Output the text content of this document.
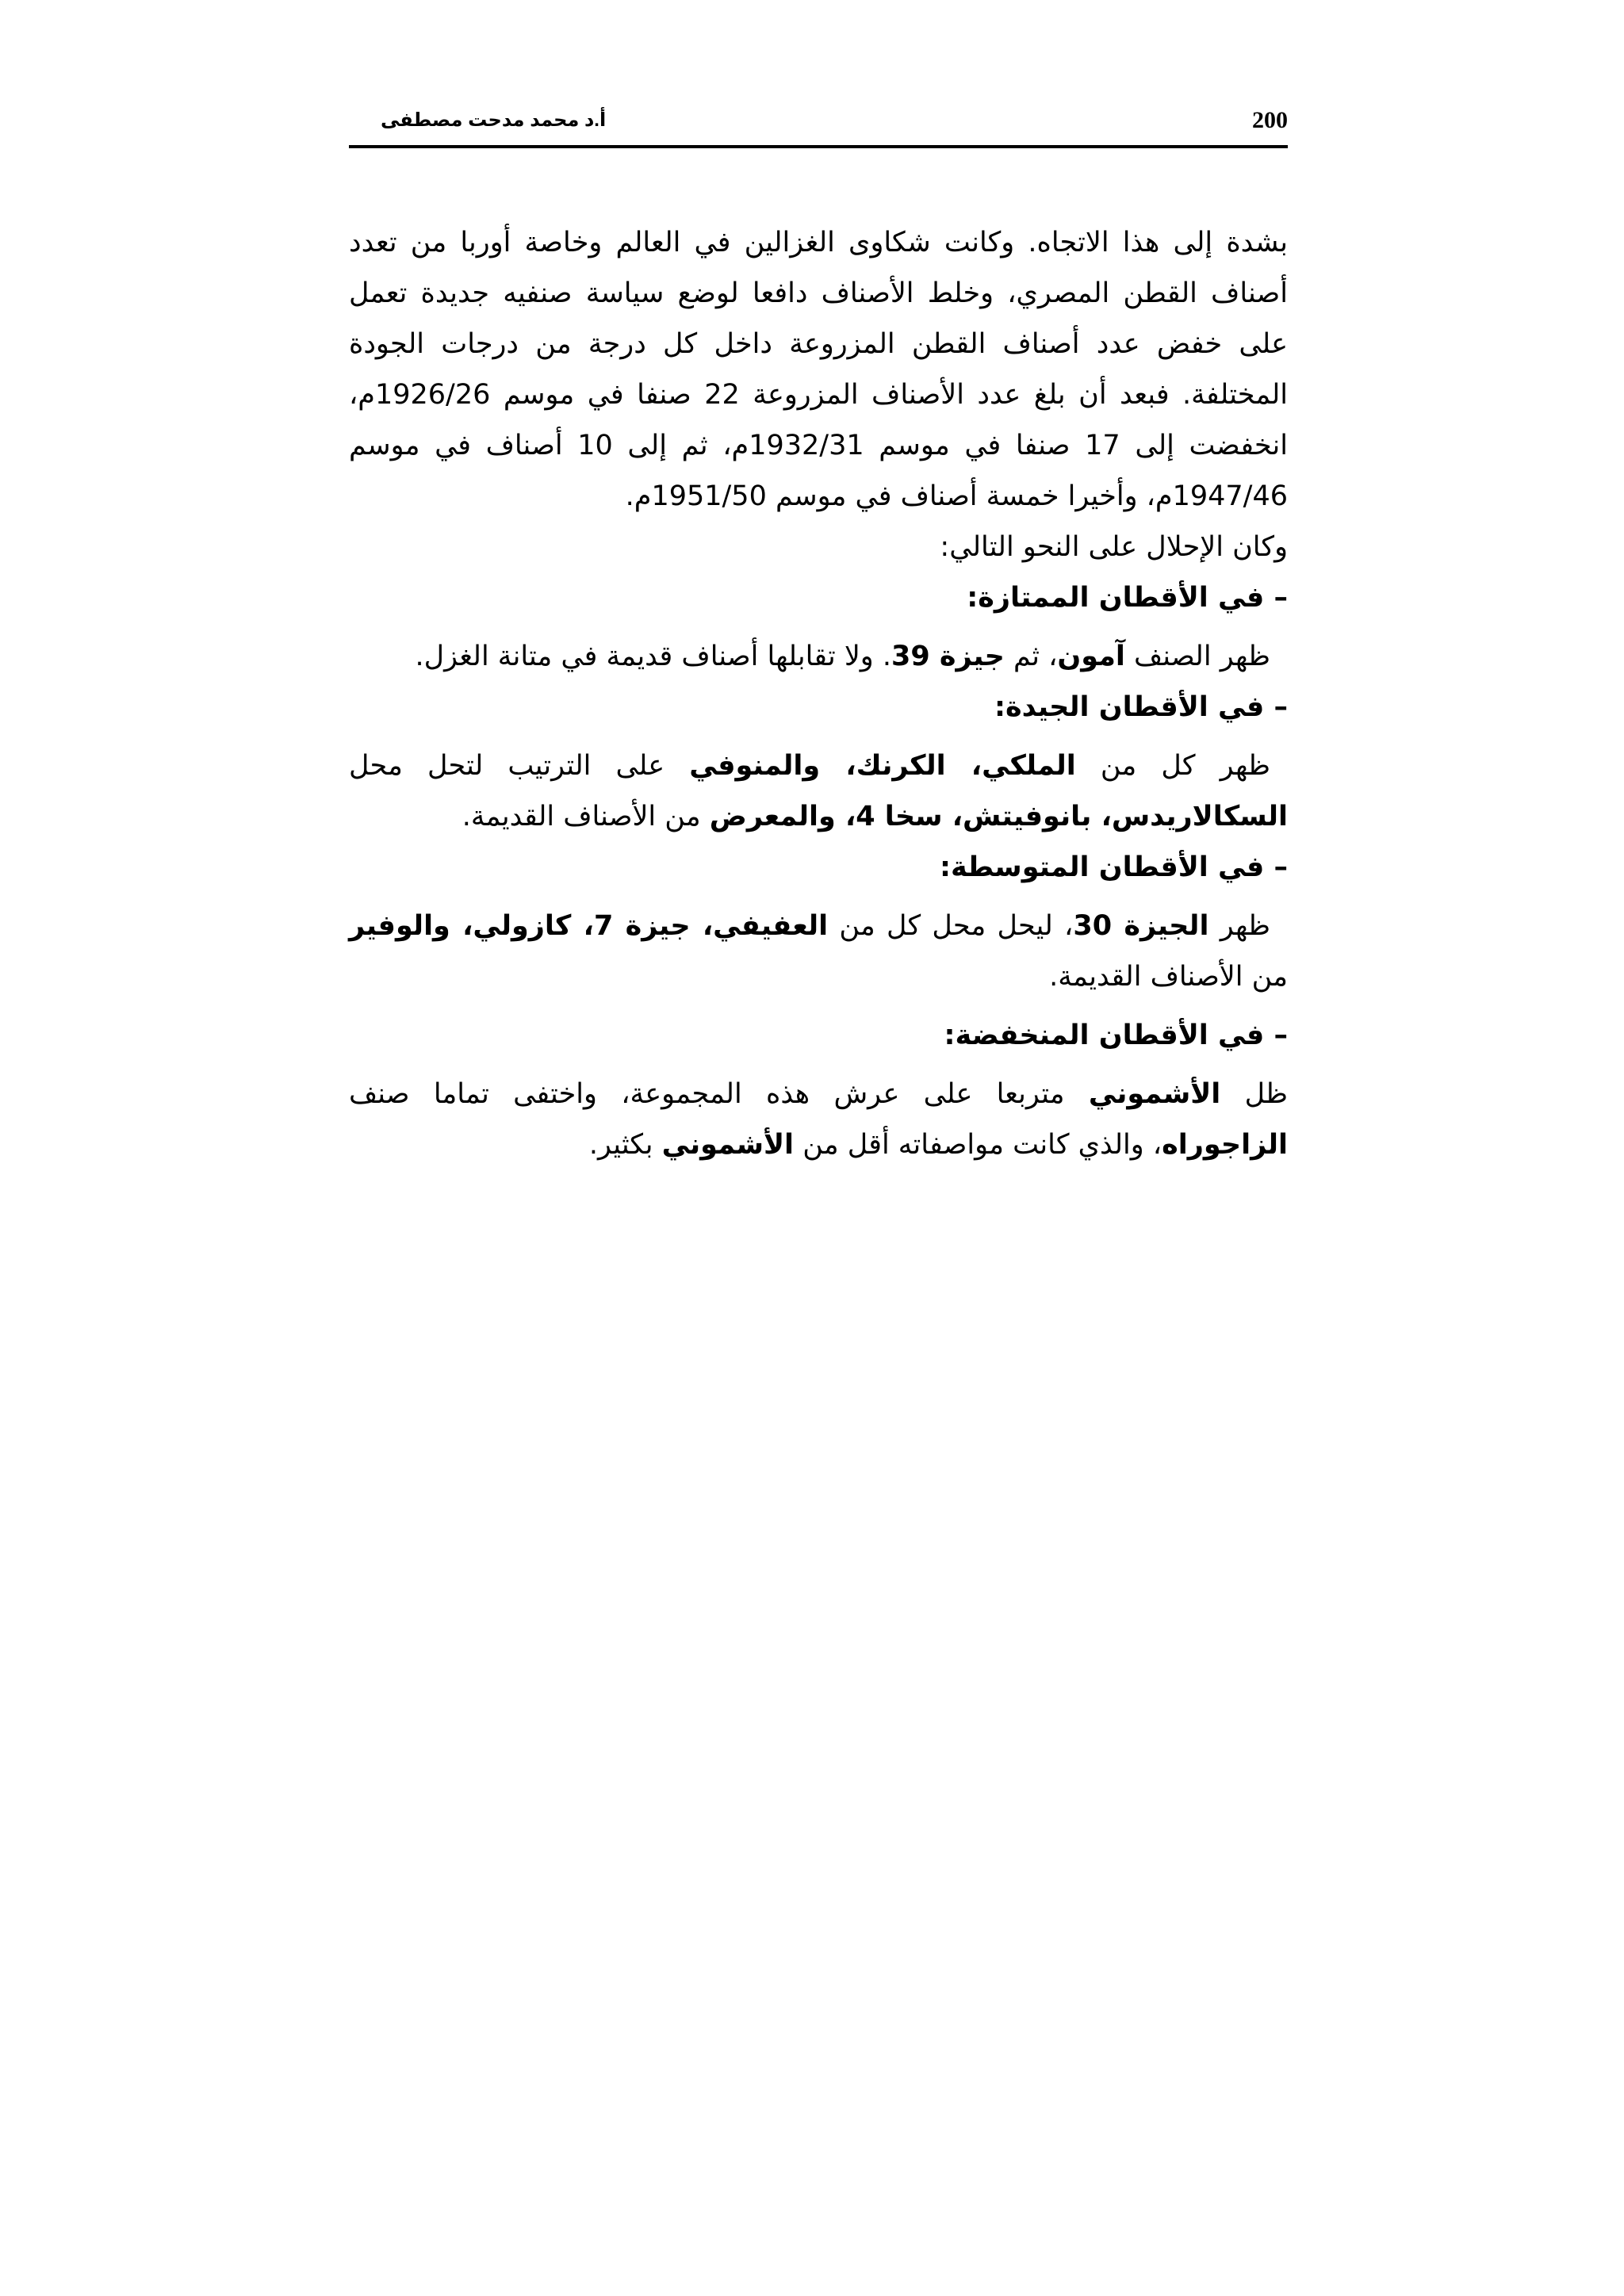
200
أ.د محمد مدحت مصطفى

بشدة إلى هذا الاتجاه. وكانت شكاوى الغزالين في العالم وخاصة أوربا من تعدد أصناف القطن المصري، وخلط الأصناف دافعا لوضع سياسة صنفيه جديدة تعمل على خفض عدد أصناف القطن المزروعة داخل كل درجة من درجات الجودة المختلفة. فبعد أن بلغ عدد الأصناف المزروعة 22 صنفا في موسم 1926/26م، انخفضت إلى 17 صنفا في موسم 1932/31م، ثم إلى 10 أصناف في موسم 1947/46م، وأخيرا خمسة أصناف في موسم 1951/50م.

وكان الإحلال على النحو التالي:

– في الأقطان الممتازة:

ظهر الصنف آمون، ثم جيزة 39. ولا تقابلها أصناف قديمة في متانة الغزل.

– في الأقطان الجيدة:

ظهر كل من الملكي، الكرنك، والمنوفي على الترتيب لتحل محل السكالاريدس، بانوفيتش، سخا 4، والمعرض من الأصناف القديمة.

– في الأقطان المتوسطة:

ظهر الجيزة 30، ليحل محل كل من العفيفي، جيزة 7، كازولي، والوفير من الأصناف القديمة.

– في الأقطان المنخفضة:

ظل الأشموني متربعا على عرش هذه المجموعة، واختفى تماما صنف الزاجوراه، والذي كانت مواصفاته أقل من الأشموني بكثير.
